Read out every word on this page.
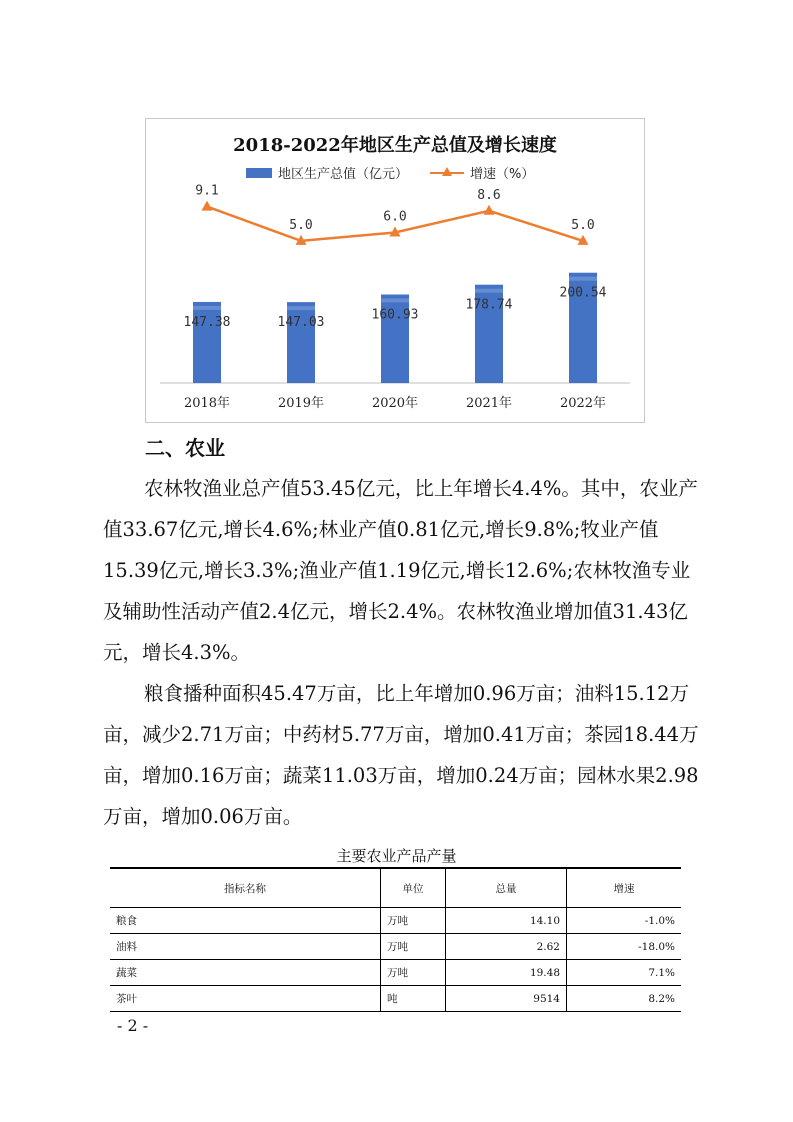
2018-2022年地区生产总值及增长速度
地区生产总值（亿元）	增速（%）
147.38	147.03
160.93
178.74
200.54
9.1
5.0
6.0
8.6
5.0
2018年	2019年	2020年	2021年	2022年
二、农业

农林牧渔业总产值53.45亿元，比上年增长4.4%。其中，农业产值33.67亿元,增长4.6%;林业产值0.81亿元,增长9.8%;牧业产值15.39亿元,增长3.3%;渔业产值1.19亿元,增长12.6%;农林牧渔专业及辅助性活动产值2.4亿元，增长2.4%。农林牧渔业增加值31.43亿元，增长4.3%。

粮食播种面积45.47万亩，比上年增加0.96万亩；油料15.12万亩，减少2.71万亩；中药材5.77万亩，增加0.41万亩；茶园18.44万亩，增加0.16万亩；蔬菜11.03万亩，增加0.24万亩；园林水果2.98万亩，增加0.06万亩。

主要农业产品产量
指标名称	单位	总量	增速
粮食	万吨	14.10	-1.0%
油料	万吨	2.62	-18.0%
蔬菜	万吨	19.48	7.1%
茶叶	吨	9514	8.2%
- 2 -
